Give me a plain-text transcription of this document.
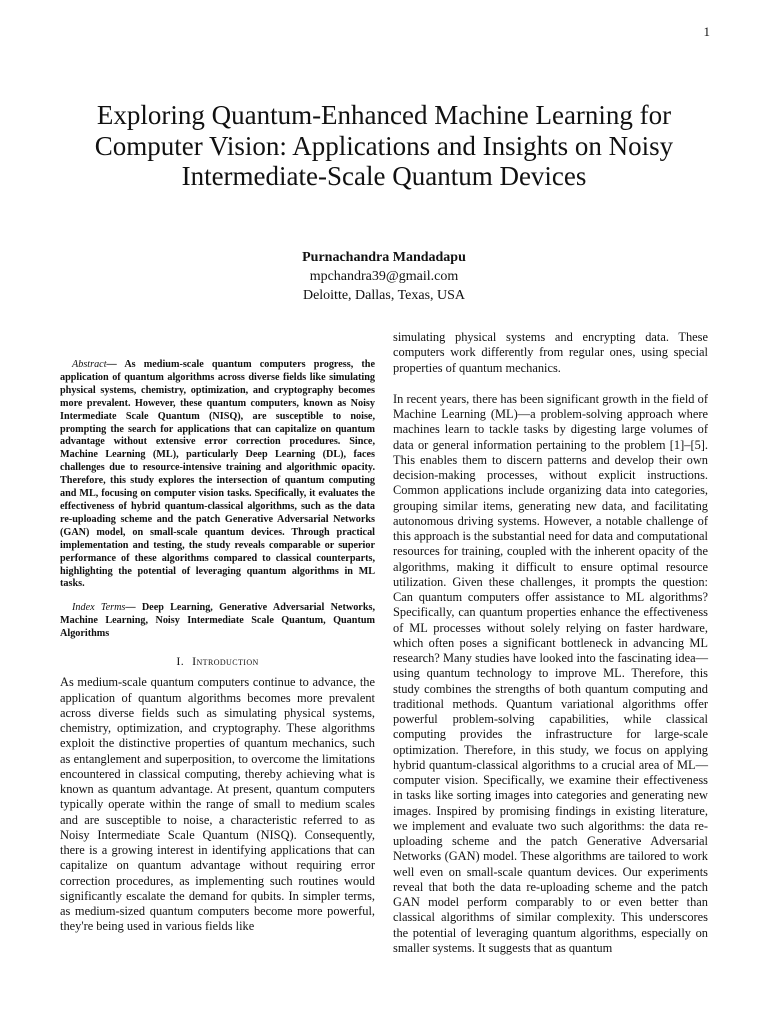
1
Exploring Quantum-Enhanced Machine Learning for Computer Vision: Applications and Insights on Noisy Intermediate-Scale Quantum Devices
Purnachandra Mandadapu
mpchandra39@gmail.com
Deloitte, Dallas, Texas, USA

Abstract— As medium-scale quantum computers progress, the application of quantum algorithms across diverse fields like simulating physical systems, chemistry, optimization, and cryptography becomes more prevalent. However, these quantum computers, known as Noisy Intermediate Scale Quantum (NISQ), are susceptible to noise, prompting the search for applications that can capitalize on quantum advantage without extensive error correction procedures. Since, Machine Learning (ML), particularly Deep Learning (DL), faces challenges due to resource-intensive training and algorithmic opacity. Therefore, this study explores the intersection of quantum computing and ML, focusing on computer vision tasks. Specifically, it evaluates the effectiveness of hybrid quantum-classical algorithms, such as the data re-uploading scheme and the patch Generative Adversarial Networks (GAN) model, on small-scale quantum devices. Through practical implementation and testing, the study reveals comparable or superior performance of these algorithms compared to classical counterparts, highlighting the potential of leveraging quantum algorithms in ML tasks.

Index Terms— Deep Learning, Generative Adversarial Networks, Machine Learning, Noisy Intermediate Scale Quantum, Quantum Algorithms

I. Introduction

As medium-scale quantum computers continue to advance, the application of quantum algorithms becomes more prevalent across diverse fields such as simulating physical systems, chemistry, optimization, and cryptography. These algorithms exploit the distinctive properties of quantum mechanics, such as entanglement and superposition, to overcome the limitations encountered in classical computing, thereby achieving what is known as quantum advantage. At present, quantum computers typically operate within the range of small to medium scales and are susceptible to noise, a characteristic referred to as Noisy Intermediate Scale Quantum (NISQ). Consequently, there is a growing interest in identifying applications that can capitalize on quantum advantage without requiring error correction procedures, as implementing such routines would significantly escalate the demand for qubits. In simpler terms, as medium-sized quantum computers become more powerful, they're being used in various fields like

simulating physical systems and encrypting data. These computers work differently from regular ones, using special properties of quantum mechanics.

In recent years, there has been significant growth in the field of Machine Learning (ML)—a problem-solving approach where machines learn to tackle tasks by digesting large volumes of data or general information pertaining to the problem [1]–[5]. This enables them to discern patterns and develop their own decision-making processes, without explicit instructions. Common applications include organizing data into categories, grouping similar items, generating new data, and facilitating autonomous driving systems. However, a notable challenge of this approach is the substantial need for data and computational resources for training, coupled with the inherent opacity of the algorithms, making it difficult to ensure optimal resource utilization. Given these challenges, it prompts the question: Can quantum computers offer assistance to ML algorithms? Specifically, can quantum properties enhance the effectiveness of ML processes without solely relying on faster hardware, which often poses a significant bottleneck in advancing ML research? Many studies have looked into the fascinating idea—using quantum technology to improve ML. Therefore, this study combines the strengths of both quantum computing and traditional methods. Quantum variational algorithms offer powerful problem-solving capabilities, while classical computing provides the infrastructure for large-scale optimization. Therefore, in this study, we focus on applying hybrid quantum-classical algorithms to a crucial area of ML—computer vision. Specifically, we examine their effectiveness in tasks like sorting images into categories and generating new images. Inspired by promising findings in existing literature, we implement and evaluate two such algorithms: the data re-uploading scheme and the patch Generative Adversarial Networks (GAN) model. These algorithms are tailored to work well even on small-scale quantum devices. Our experiments reveal that both the data re-uploading scheme and the patch GAN model perform comparably to or even better than classical algorithms of similar complexity. This underscores the potential of leveraging quantum algorithms, especially on smaller systems. It suggests that as quantum
